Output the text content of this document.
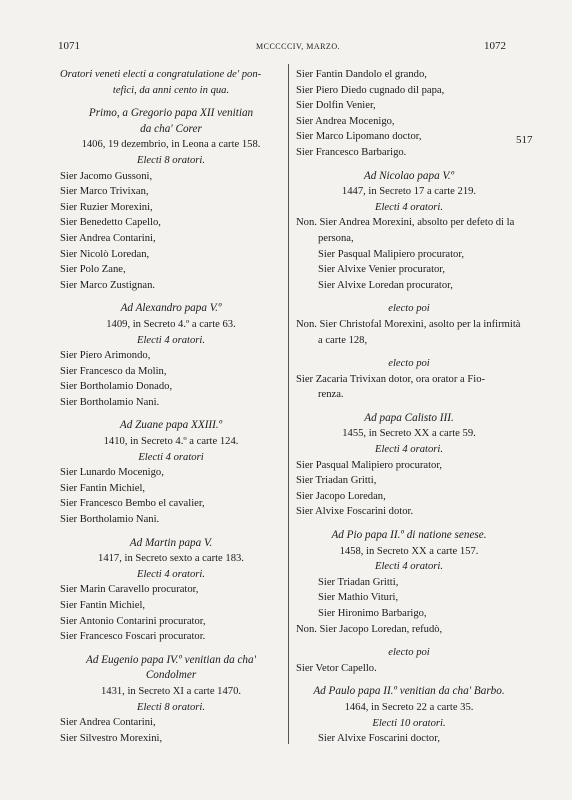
1071	MCCCCCIV, MARZO.	1072
517
Oratori veneti electi a congratulatione de' pon-
tefici, da anni cento in qua.
Primo, a Gregorio papa XII venitian
da cha' Corer
1406, 19 dezembrio, in Leona a carte 158.
Electi 8 oratori.
Sier Jacomo Gussoni,
Sier Marco Trivixan,
Sier Ruzier Morexini,
Sier Benedetto Capello,
Sier Andrea Contarini,
Sier Nicolò Loredan,
Sier Polo Zane,
Sier Marco Zustignan.
Ad Alexandro papa V.º
1409, in Secreto 4.º a carte 63.
Electi 4 oratori.
Sier Piero Arimondo,
Sier Francesco da Molin,
Sier Bortholamio Donado,
Sier Bortholamio Nani.
Ad Zuane papa XXIII.º
1410, in Secreto 4.º a carte 124.
Electi 4 oratori
Sier Lunardo Mocenigo,
Sier Fantin Michiel,
Sier Francesco Bembo el cavalier,
Sier Bortholamio Nani.
Ad Martin papa V.
1417, in Secreto sexto a carte 183.
Electi 4 oratori.
Sier Marin Caravello procurator,
Sier Fantin Michiel,
Sier Antonio Contarini procurator,
Sier Francesco Foscari procurator.
Ad Eugenio papa IV.º venitian da cha'
Condolmer
1431, in Secreto XI a carte 1470.
Electi 8 oratori.
Sier Andrea Contarini,
Sier Silvestro Morexini,
Sier Fantin Dandolo el grando,
Sier Piero Diedo cugnado dil papa,
Sier Dolfin Venier,
Sier Andrea Mocenigo,
Sier Marco Lipomano doctor,
Sier Francesco Barbarigo.
Ad Nicolao papa V.º
1447, in Secreto 17 a carte 219.
Electi 4 oratori.
Non. Sier Andrea Morexini, absolto per defeto di la
persona,
Sier Pasqual Malipiero procurator,
Sier Alvixe Venier procurator,
Sier Alvixe Loredan procurator,
electo poi
Non. Sier Christofal Morexini, asolto per la infirmità
a carte 128,
electo poi
Sier Zacaria Trivixan dotor, ora orator a Fio-
renza.
Ad papa Calisto III.
1455, in Secreto XX a carte 59.
Electi 4 oratori.
Sier Pasqual Malipiero procurator,
Sier Triadan Gritti,
Sier Jacopo Loredan,
Sier Alvixe Foscarini dotor.
Ad Pio papa II.º di natione senese.
1458, in Secreto XX a carte 157.
Electi 4 oratori.
Sier Triadan Gritti,
Sier Mathio Vituri,
Sier Hironimo Barbarigo,
Non. Sier Jacopo Loredan, refudò,
electo poi
Sier Vetor Capello.
Ad Paulo papa II.º venitian da cha' Barbo.
1464, in Secreto 22 a carte 35.
Electi 10 oratori.
Sier Alvixe Foscarini doctor,
